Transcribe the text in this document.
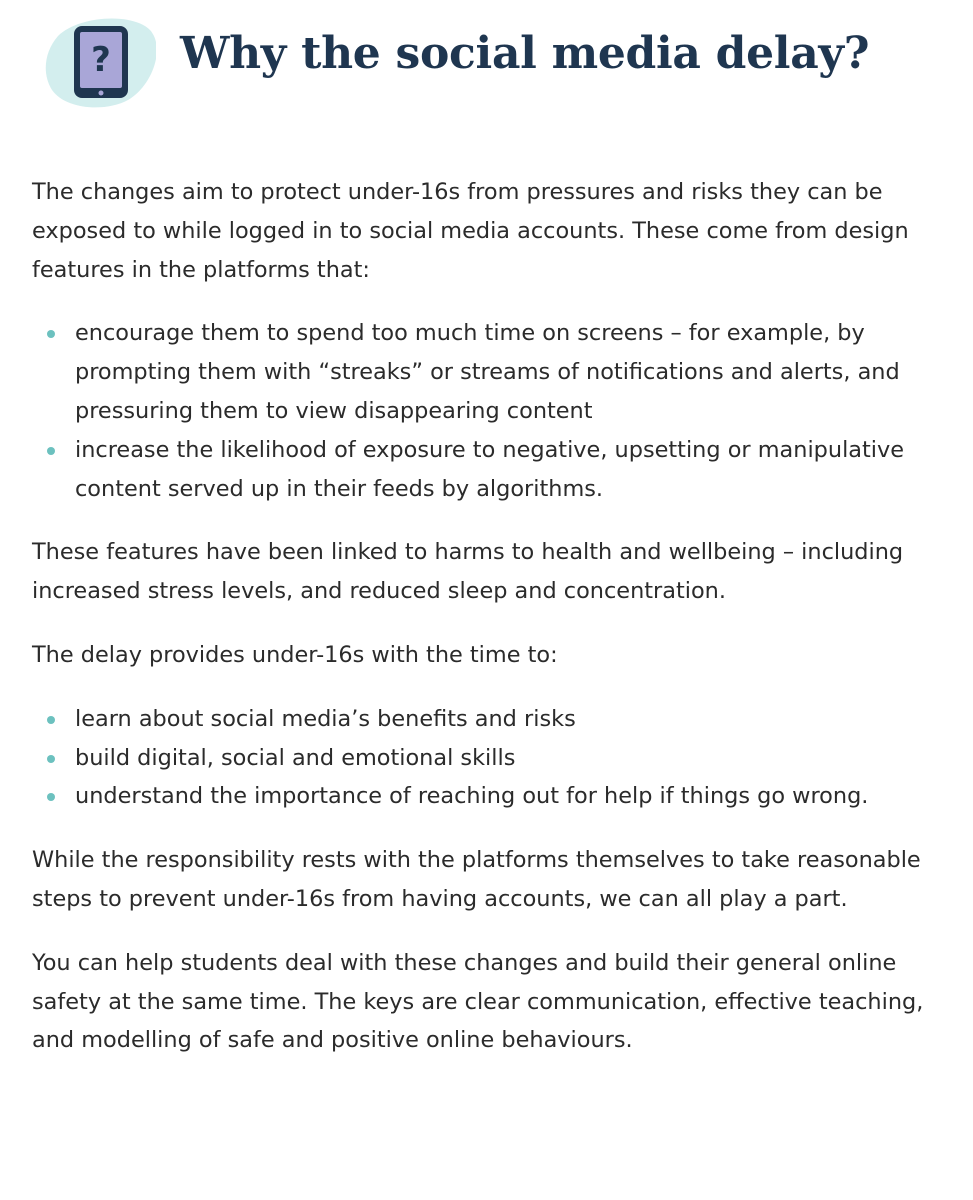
? Why the social media delay?

The changes aim to protect under-16s from pressures and risks they can be exposed to while logged in to social media accounts. These come from design features in the platforms that:

encourage them to spend too much time on screens – for example, by prompting them with “streaks” or streams of notifications and alerts, and pressuring them to view disappearing content
increase the likelihood of exposure to negative, upsetting or manipulative content served up in their feeds by algorithms.

These features have been linked to harms to health and wellbeing – including increased stress levels, and reduced sleep and concentration.

The delay provides under-16s with the time to:

learn about social media’s benefits and risks
build digital, social and emotional skills
understand the importance of reaching out for help if things go wrong.

While the responsibility rests with the platforms themselves to take reasonable steps to prevent under-16s from having accounts, we can all play a part.

You can help students deal with these changes and build their general online safety at the same time. The keys are clear communication, effective teaching, and modelling of safe and positive online behaviours.
